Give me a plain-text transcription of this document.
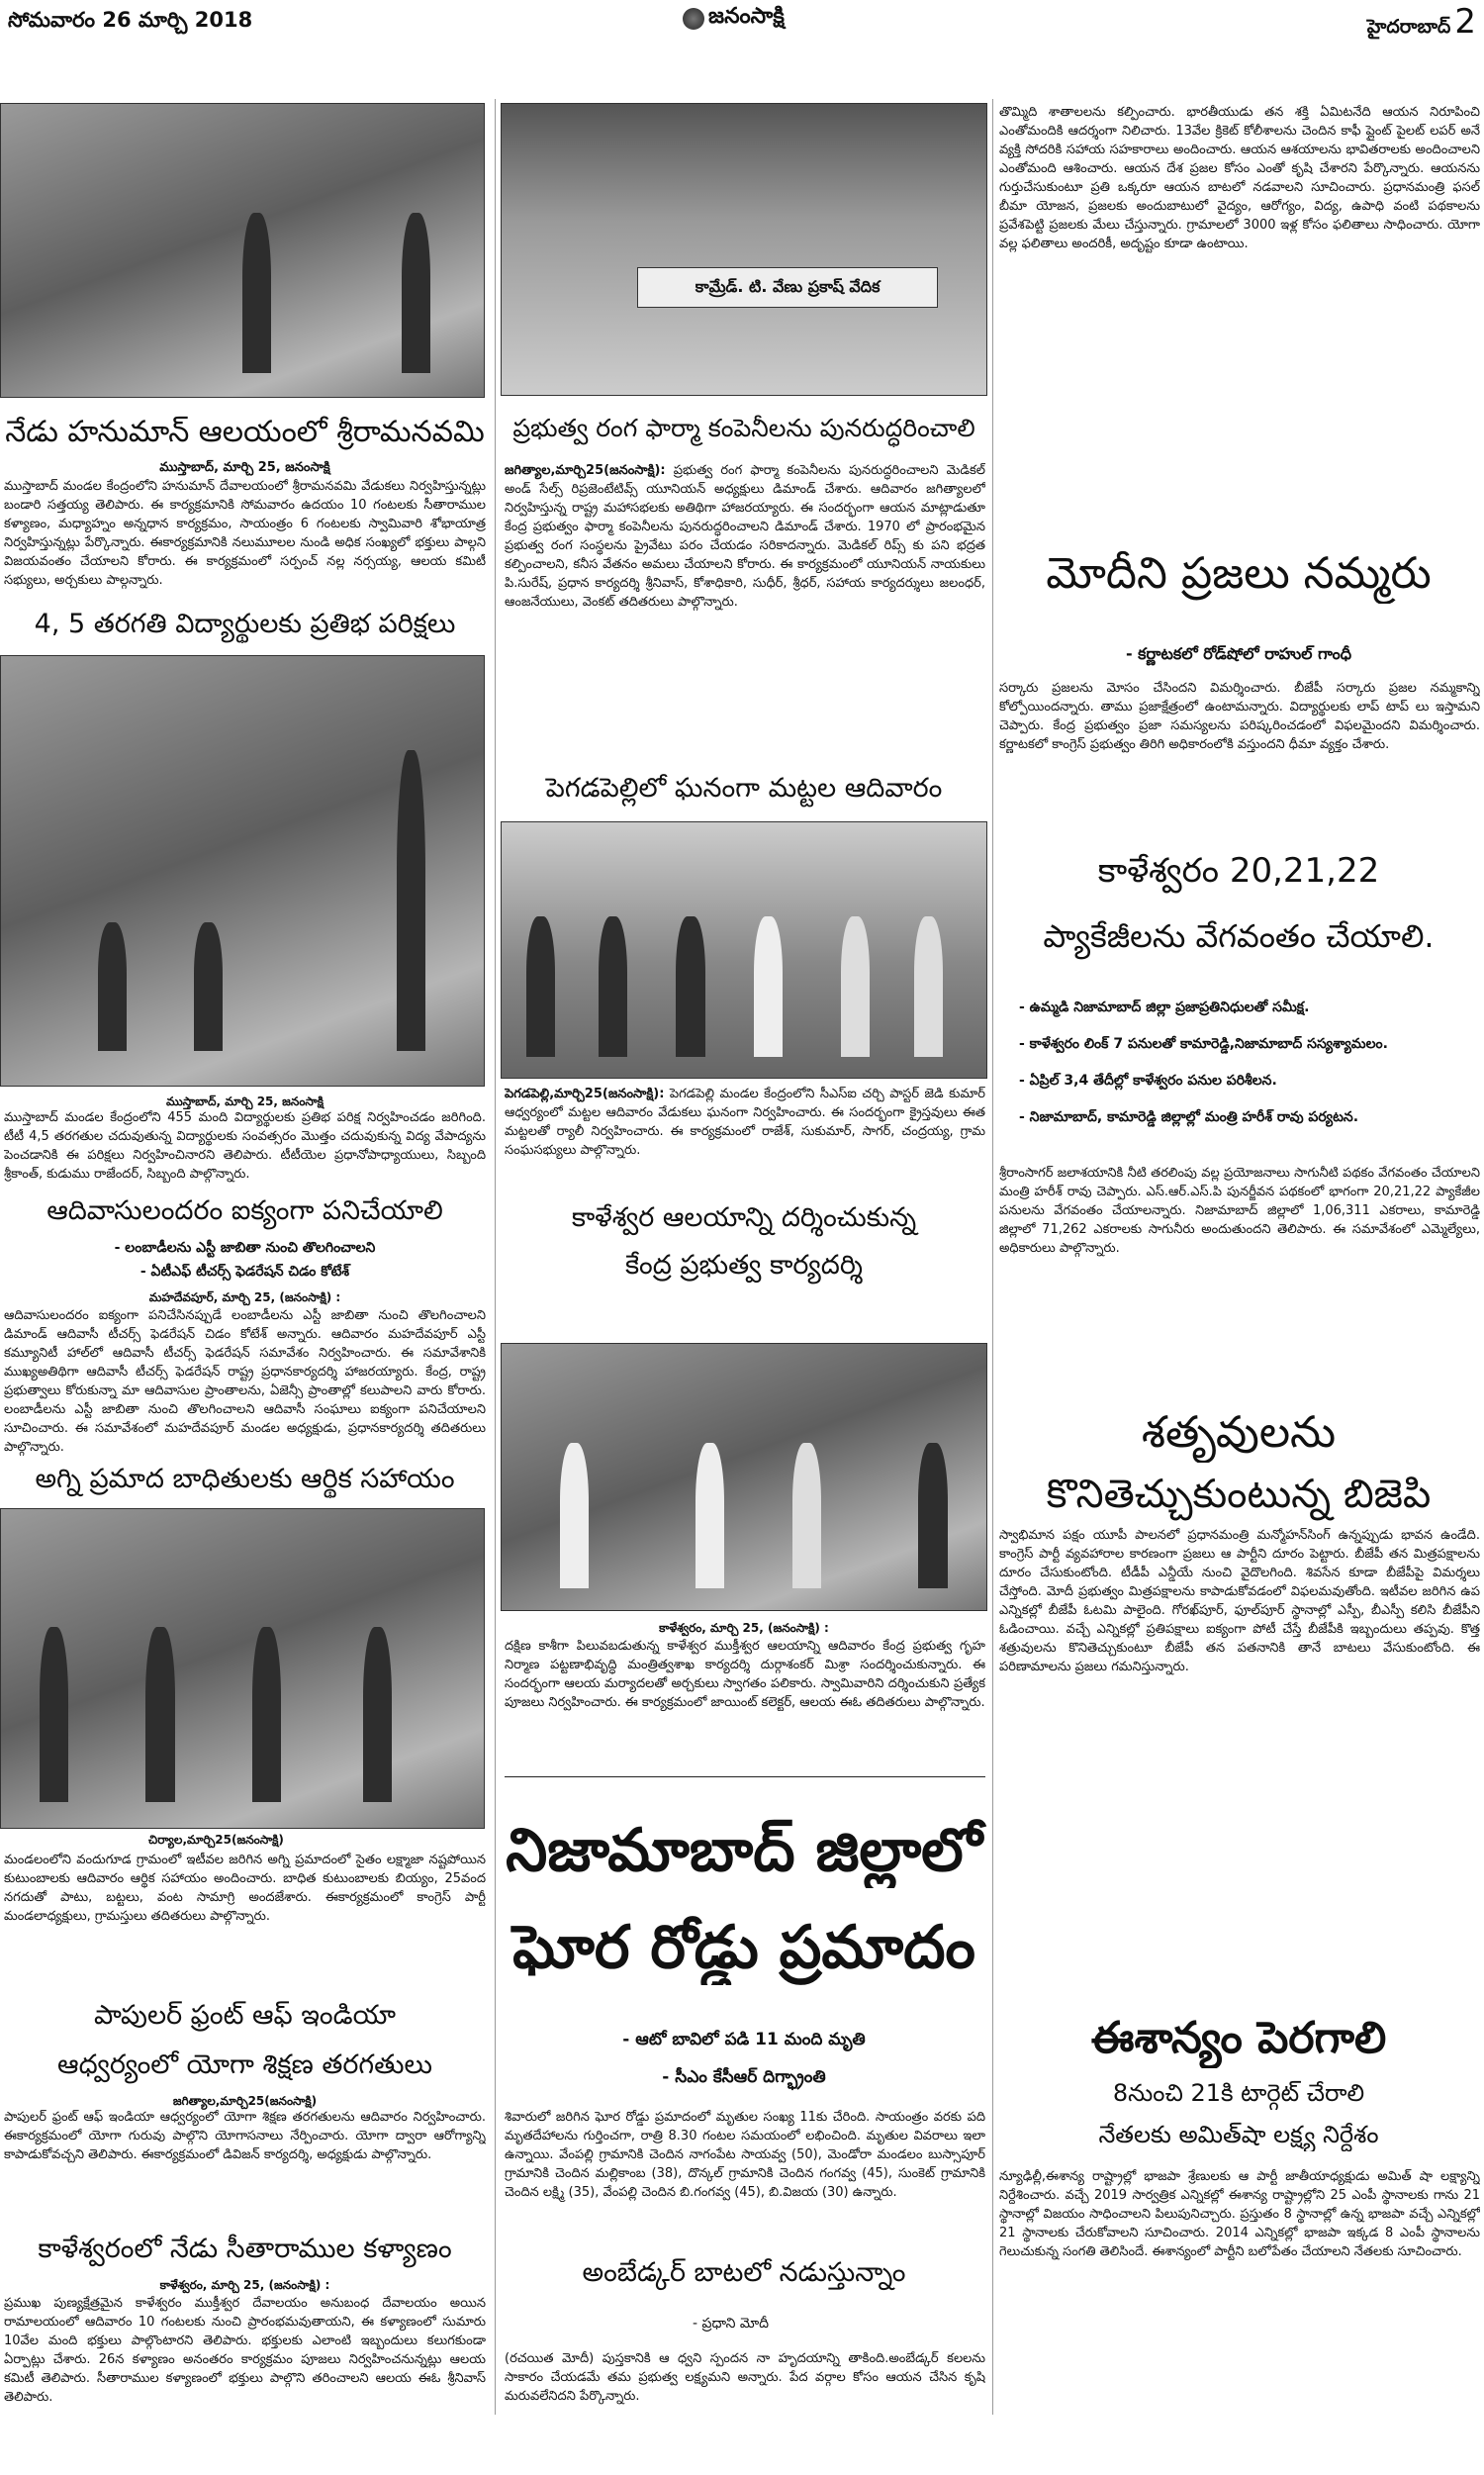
సోమవారం 26 మార్చి 2018	జనంసాక్షి	హైదరాబాద్ 2
నేడు హనుమాన్ ఆలయంలో శ్రీరామనవమి
ముస్తాబాద్, మార్చి 25, జనంసాక్షి
ముస్తాబాద్ మండల కేంద్రంలోని హనుమాన్ దేవాలయంలో శ్రీరామనవమి వేడుకలు నిర్వహిస్తున్నట్లు బండారి సత్తయ్య తెలిపారు. ఈ కార్యక్రమానికి సోమవారం ఉదయం 10 గంటలకు సీతారాముల కళ్యాణం, మధ్యాహ్నం అన్నధాన కార్యక్రమం, సాయంత్రం 6 గంటలకు స్వామివారి శోభాయాత్ర నిర్వహిస్తున్నట్లు పేర్కొన్నారు. ఈకార్యక్రమానికి నలుమూలల నుండి అధిక సంఖ్యలో భక్తులు పాల్గని విజయవంతం చేయాలని కోరారు. ఈ కార్యక్రమంలో సర్పంచ్ నల్ల నర్సయ్య, ఆలయ కమిటీ సభ్యులు, అర్చకులు పాల్గన్నారు.
4, 5 తరగతి విద్యార్థులకు ప్రతిభ పరిక్షలు
ముస్తాబాద్, మార్చి 25, జనంసాక్షి
ముస్తాబాద్ మండల కేంద్రంలోని 455 మంది విద్యార్థులకు ప్రతిభ పరిక్ష నిర్వహించడం జరిగింది. టీటీ 4,5 తరగతుల చదువుతున్న విద్యార్థులకు సంవత్సరం మొత్తం చదువుకున్న విద్య వేపాద్యను పెంచడానికి ఈ పరిక్షలు నిర్వహించినారని తెలిపారు. టీటీయెల ప్రధానోపాధ్యాయులు, సిబ్బంది శ్రీకాంత్, కుడుము రాజేందర్, సిబ్బంది పాల్గొన్నారు.
ఆదివాసులందరం ఐక్యంగా పనిచేయాలి
- లంబాడీలను ఎస్టీ జాబితా నుంచి తొలగించాలని
- ఏటీఎఫ్ టీచర్స్ ఫెడరేషన్ చిడం కోటేశ్
మహదేవపూర్, మార్చి 25, (జనంసాక్షి) :
ఆదివాసులందరం ఐక్యంగా పనిచేసినప్పుడే లంబాడీలను ఎస్టీ జాబితా నుంచి తొలగించాలని డిమాండ్ ఆదివాసీ టీచర్స్ ఫెడరేషన్ చిడం కోటేశ్ అన్నారు. ఆదివారం మహదేవపూర్ ఎస్టీ కమ్యూనిటీ హాల్‌లో ఆదివాసీ టీచర్స్ ఫెడరేషన్ సమావేశం నిర్వహించారు. ఈ సమావేశానికి ముఖ్యఅతిథిగా ఆదివాసీ టీచర్స్ ఫెడరేషన్ రాష్ట్ర ప్రధానకార్యదర్శి హాజరయ్యారు. కేంద్ర, రాష్ట్ర ప్రభుత్వాలు కోరుకున్నా మా ఆదివాసుల ప్రాంతాలను, ఏజెన్సీ ప్రాంతాల్లో కలుపాలని వారు కోరారు. లంబాడీలను ఎస్టీ జాబితా నుంచి తొలగించాలని ఆదివాసీ సంఘాలు ఐక్యంగా పనిచేయాలని సూచించారు. ఈ సమావేశంలో మహదేవపూర్ మండల అధ్యక్షుడు, ప్రధానకార్యదర్శి తదితరులు పాల్గొన్నారు.
అగ్ని ప్రమాద బాధితులకు ఆర్థిక సహాయం
చిర్యాల,మార్చి25(జనంసాక్షి)
మండలంలోని వందుగూడ గ్రామంలో ఇటీవల జరిగిన అగ్ని ప్రమాదంలో సైతం లక్ష్మాజా నష్టపోయిన కుటుంబాలకు ఆదివారం ఆర్థిక సహాయం అందించారు. బాధిత కుటుంబాలకు బియ్యం, 25వంద నగదుతో పాటు, బట్టలు, వంట సామాగ్రి అందజేశారు. ఈకార్యక్రమంలో కాంగ్రెస్ పార్టీ మండలాధ్యక్షులు, గ్రామస్తులు తదితరులు పాల్గొన్నారు.
పాపులర్ ఫ్రంట్ ఆఫ్ ఇండియా
ఆధ్వర్యంలో యోగా శిక్షణ తరగతులు
జగిత్యాల,మార్చి25(జనంసాక్షి)
పాపులర్ ఫ్రంట్ ఆఫ్ ఇండియా ఆధ్వర్యంలో యోగా శిక్షణ తరగతులను ఆదివారం నిర్వహించారు. ఈకార్యక్రమంలో యోగా గురువు పాల్గొని యోగాసనాలు నేర్పించారు. యోగా ద్వారా ఆరోగ్యాన్ని కాపాడుకోవచ్చని తెలిపారు. ఈకార్యక్రమంలో డివిజన్ కార్యదర్శి, అధ్యక్షుడు పాల్గొన్నారు.
కాళేశ్వరంలో నేడు సీతారాముల కళ్యాణం
కాళేశ్వరం, మార్చి 25, (జనంసాక్షి) :
ప్రముఖ పుణ్యక్షేత్రమైన కాళేశ్వరం ముక్తీశ్వర దేవాలయం అనుబంధ దేవాలయం అయిన రామాలయంలో ఆదివారం 10 గంటలకు నుంచి ప్రారంభమవుతాయని, ఈ కళ్యాణంలో సుమారు 10వేల మంది భక్తులు పాల్గొంటారని తెలిపారు. భక్తులకు ఎలాంటి ఇబ్బందులు కలుగకుండా ఏర్పాట్లు చేశారు. 26న కళ్యాణం అనంతరం కార్యక్రమం పూజలు నిర్వహించనున్నట్లు ఆలయ కమిటీ తెలిపారు. సీతారాముల కళ్యాణంలో భక్తులు పాల్గొని తరించాలని ఆలయ ఈఓ శ్రీనివాస్ తెలిపారు.
కామ్రేడ్. టి. వేణు ప్రకాష్ వేదిక
ప్రభుత్వ రంగ ఫార్మా కంపెనీలను పునరుద్ధరించాలి
జగిత్యాల,మార్చి25(జనంసాక్షి): ప్రభుత్వ రంగ ఫార్మా కంపెనీలను పునరుద్ధరించాలని మెడికల్ అండ్ సేల్స్ రిప్రజెంటేటివ్స్ యూనియన్ అధ్యక్షులు డిమాండ్ చేశారు. ఆదివారం జగిత్యాలలో నిర్వహిస్తున్న రాష్ట్ర మహాసభలకు అతిథిగా హాజరయ్యారు. ఈ సందర్భంగా ఆయన మాట్లాడుతూ కేంద్ర ప్రభుత్వం ఫార్మా కంపెనీలను పునరుద్ధరించాలని డిమాండ్ చేశారు. 1970 లో ప్రారంభమైన ప్రభుత్వ రంగ సంస్థలను ప్రైవేటు పరం చేయడం సరికాదన్నారు. మెడికల్ రిప్స్ కు పని భద్రత కల్పించాలని, కనీస వేతనం అమలు చేయాలని కోరారు. ఈ కార్యక్రమంలో యూనియన్ నాయకులు పి.సురేష్, ప్రధాన కార్యదర్శి శ్రీనివాస్, కోశాధికారి, సుధీర్, శ్రీధర్, సహాయ కార్యదర్శులు జలంధర్, ఆంజనేయులు, వెంకట్ తదితరులు పాల్గొన్నారు.
పెగడపెల్లిలో ఘనంగా మట్టల ఆదివారం
పెగడపెల్లి,మార్చి25(జనంసాక్షి): పెగడపెల్లి మండల కేంద్రంలోని సీఎస్ఐ చర్చి పాస్టర్ జెడి కుమార్ ఆధ్వర్యంలో మట్టల ఆదివారం వేడుకలు ఘనంగా నిర్వహించారు. ఈ సందర్భంగా క్రైస్తవులు ఈత మట్టలతో ర్యాలీ నిర్వహించారు. ఈ కార్యక్రమంలో రాజేశ్, సుకుమార్, సాగర్, చంద్రయ్య, గ్రామ సంఘసభ్యులు పాల్గొన్నారు.
కాళేశ్వర ఆలయాన్ని దర్శించుకున్న
కేంద్ర ప్రభుత్వ కార్యదర్శి
కాళేశ్వరం, మార్చి 25, (జనంసాక్షి) :
దక్షిణ కాశీగా పిలువబడుతున్న కాళేశ్వర ముక్తీశ్వర ఆలయాన్ని ఆదివారం కేంద్ర ప్రభుత్వ గృహ నిర్మాణ పట్టణాభివృద్ధి మంత్రిత్వశాఖ కార్యదర్శి దుర్గాశంకర్ మిశ్రా సందర్శించుకున్నారు. ఈ సందర్భంగా ఆలయ మర్యాదలతో అర్చకులు స్వాగతం పలికారు. స్వామివారిని దర్శించుకుని ప్రత్యేక పూజలు నిర్వహించారు. ఈ కార్యక్రమంలో జాయింట్ కలెక్టర్, ఆలయ ఈఓ తదితరులు పాల్గొన్నారు.
నిజామాబాద్ జిల్లాలో
ఘోర రోడ్డు ప్రమాదం
- ఆటో బావిలో పడి 11 మంది మృతి
- సీఎం కేసీఆర్ దిగ్భ్రాంతి
శివారులో జరిగిన ఘోర రోడ్డు ప్రమాదంలో మృతుల సంఖ్య 11కు చేరింది. సాయంత్రం వరకు పది మృతదేహాలను గుర్తించగా, రాత్రి 8.30 గంటల సమయంలో లభించింది. మృతుల వివరాలు ఇలా ఉన్నాయి. వేంపల్లి గ్రామానికి చెందిన నాగంపేట సాయవ్వ (50), మెండోరా మండలం బుస్సాపూర్ గ్రామానికి చెందిన మల్లికాంబ (38), దొన్కల్ గ్రామానికి చెందిన గంగవ్వ (45), సుంకెట్ గ్రామానికి చెందిన లక్ష్మి (35), వేంపల్లి చెందిన బి.గంగవ్వ (45), బి.విజయ (30) ఉన్నారు.
అంబేడ్కర్ బాటలో నడుస్తున్నాం
- ప్రధాని మోదీ
(రచయిత మోదీ) పుస్తకానికి ఆ ధ్వని స్పందన నా హృదయాన్ని తాకింది.అంబేడ్కర్ కలలను సాకారం చేయడమే తమ ప్రభుత్వ లక్ష్యమని అన్నారు. పేద వర్గాల కోసం ఆయన చేసిన కృషి మరువలేనిదని పేర్కొన్నారు.
తొమ్మిది శాతాలలను కల్పించారు. భారతీయుడు తన శక్తి ఏమిటనేది ఆయన నిరూపించి ఎంతోమందికి ఆదర్శంగా నిలిచారు. 13వేల క్రికెట్ కోలీశాలను చెందిన కాఫీ ప్లైంట్ పైలట్ లపర్ అనే వ్యక్తి సోదరికి సహాయ సహకారాలు అందించారు. ఆయన ఆశయాలను భావితరాలకు అందించాలని ఎంతోమంది ఆశించారు. ఆయన దేశ ప్రజల కోసం ఎంతో కృషి చేశారని పేర్కొన్నారు. ఆయనను గుర్తుచేసుకుంటూ ప్రతి ఒక్కరూ ఆయన బాటలో నడవాలని సూచించారు. ప్రధానమంత్రి ఫసల్ బీమా యోజన, ప్రజలకు అందుబాటులో వైద్యం, ఆరోగ్యం, విద్య, ఉపాధి వంటి పథకాలను ప్రవేశపెట్టి ప్రజలకు మేలు చేస్తున్నారు. గ్రామాలలో 3000 ఇళ్ల కోసం ఫలితాలు సాధించారు. యోగా వల్ల ఫలితాలు అందరికీ, అదృష్టం కూడా ఉంటాయి.
మోదీని ప్రజలు నమ్మరు
- కర్ణాటకలో రోడ్‌షోలో రాహుల్ గాంధీ
సర్కారు ప్రజలను మోసం చేసిందని విమర్శించారు. బీజేపీ సర్కారు ప్రజల నమ్మకాన్ని కోల్పోయిందన్నారు. తాము ప్రజాక్షేత్రంలో ఉంటామన్నారు. విద్యార్థులకు లాప్ టాప్ లు ఇస్తామని చెప్పారు. కేంద్ర ప్రభుత్వం ప్రజా సమస్యలను పరిష్కరించడంలో విఫలమైందని విమర్శించారు. కర్ణాటకలో కాంగ్రెస్ ప్రభుత్వం తిరిగి అధికారంలోకి వస్తుందని ధీమా వ్యక్తం చేశారు.
కాళేశ్వరం 20,21,22
ప్యాకేజీలను వేగవంతం చేయాలి.
- ఉమ్మడి నిజామాబాద్ జిల్లా ప్రజాప్రతినిధులతో సమీక్ష.
- కాళేశ్వరం లింక్ 7 పనులతో కామారెడ్డి,నిజామాబాద్ సస్యశ్యామలం.
- ఏప్రిల్ 3,4 తేదీల్లో కాళేశ్వరం పనుల పరిశీలన.
- నిజామాబాద్, కామారెడ్డి జిల్లాల్లో మంత్రి హరీశ్ రావు పర్యటన.
శ్రీరాంసాగర్ జలాశయానికి నీటి తరలింపు వల్ల ప్రయోజనాలు సాగునీటి పథకం వేగవంతం చేయాలని మంత్రి హరీశ్ రావు చెప్పారు. ఎస్.ఆర్.ఎస్.పి పునర్జీవన పథకంలో భాగంగా 20,21,22 ప్యాకేజీల పనులను వేగవంతం చేయాలన్నారు. నిజామాబాద్ జిల్లాలో 1,06,311 ఎకరాలు, కామారెడ్డి జిల్లాలో 71,262 ఎకరాలకు సాగునీరు అందుతుందని తెలిపారు. ఈ సమావేశంలో ఎమ్మెల్యేలు, అధికారులు పాల్గొన్నారు.
శతృవులను
కొనితెచ్చుకుంటున్న బిజెపి
స్వాభిమాన పక్షం యూపీ పాలనలో ప్రధానమంత్రి మన్మోహన్‌సింగ్ ఉన్నప్పుడు భావన ఉండేది. కాంగ్రెస్ పార్టీ వ్యవహారాల కారణంగా ప్రజలు ఆ పార్టీని దూరం పెట్టారు. బీజేపీ తన మిత్రపక్షాలను దూరం చేసుకుంటోంది. టీడీపీ ఎన్డీయే నుంచి వైదొలగింది. శివసేన కూడా బీజేపీపై విమర్శలు చేస్తోంది. మోదీ ప్రభుత్వం మిత్రపక్షాలను కాపాడుకోవడంలో విఫలమవుతోంది. ఇటీవల జరిగిన ఉప ఎన్నికల్లో బీజేపీ ఓటమి పాలైంది. గోరఖ్‌పూర్, ఫూల్‌పూర్ స్థానాల్లో ఎస్పీ, బీఎస్పీ కలిసి బీజేపీని ఓడించాయి. వచ్చే ఎన్నికల్లో ప్రతిపక్షాలు ఐక్యంగా పోటీ చేస్తే బీజేపీకి ఇబ్బందులు తప్పవు. కొత్త శత్రువులను కొనితెచ్చుకుంటూ బీజేపీ తన పతనానికి తానే బాటలు వేసుకుంటోంది. ఈ పరిణామాలను ప్రజలు గమనిస్తున్నారు.
ఈశాన్యం పెరగాలి
8నుంచి 21కి టార్గెట్ చేరాలి
నేతలకు అమిత్‌షా లక్ష్య నిర్దేశం
న్యూఢిల్లీ,ఈశాన్య రాష్ట్రాల్లో భాజపా శ్రేణులకు ఆ పార్టీ జాతీయాధ్యక్షుడు అమిత్ షా లక్ష్యాన్ని నిర్దేశించారు. వచ్చే 2019 సార్వత్రిక ఎన్నికల్లో ఈశాన్య రాష్ట్రాల్లోని 25 ఎంపీ స్థానాలకు గాను 21 స్థానాల్లో విజయం సాధించాలని పిలుపునిచ్చారు. ప్రస్తుతం 8 స్థానాల్లో ఉన్న భాజపా వచ్చే ఎన్నికల్లో 21 స్థానాలకు చేరుకోవాలని సూచించారు. 2014 ఎన్నికల్లో భాజపా ఇక్కడ 8 ఎంపీ స్థానాలను గెలుచుకున్న సంగతి తెలిసిందే. ఈశాన్యంలో పార్టీని బలోపేతం చేయాలని నేతలకు సూచించారు.
